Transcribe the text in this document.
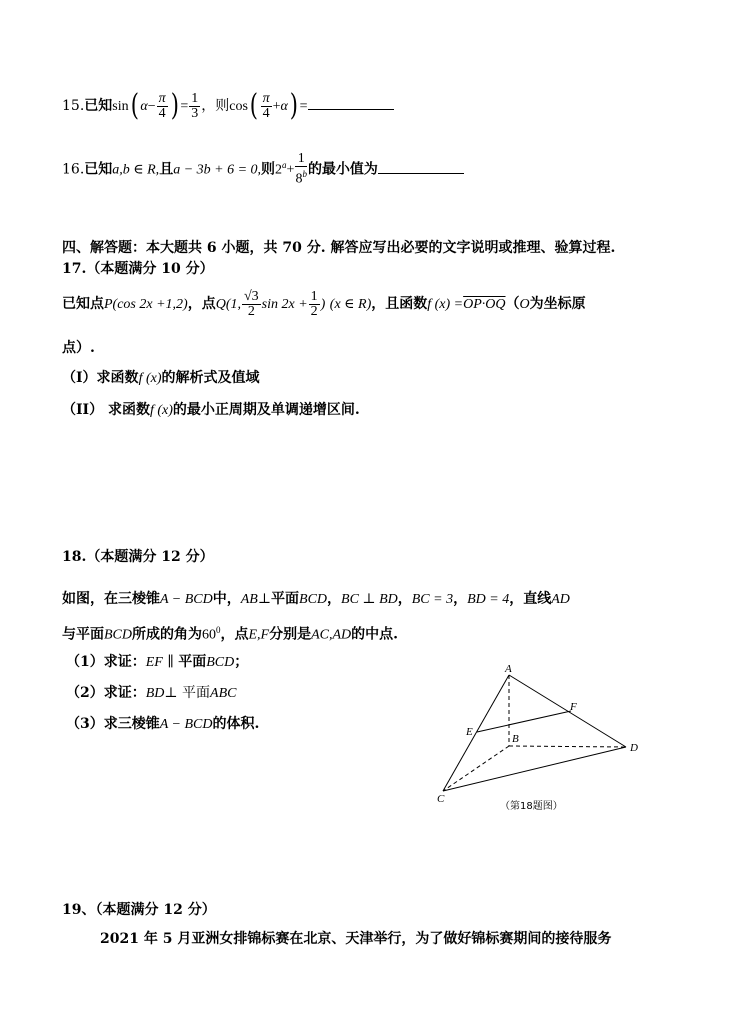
15.已知sin( $\alpha- \frac{\pi}{4}$ ) = $\frac{1}{3}$ ，则$\cos( \frac{\pi}{4} +\alpha)$ =
16.已知a,b ∈ R,且a − 3b + 6 = 0,则$2^a+ \frac{1}{8^b}$ 的最小值为
四、解答题：本大题共 6 小题，共 70 分. 解答应写出必要的文字说明或推理、验算过程.
17.（本题满分 10 分）
已知点P(cos 2x +1,2)，点Q(1, $\frac{√3}{2}$ $\sin 2x + \frac{1}{2}$ ) (x ∈ R)，且函数f (x) =OP·OQ（O为坐标原
点）.
（I）求函数f (x)的解析式及值域
（II） 求函数f (x)的最小正周期及单调递增区间.
18.（本题满分 12 分）
如图，在三棱锥A − BCD中，AB⊥平面BCD，BC ⊥ BD，BC = 3，BD = 4，直线AD
与平面BCD所成的角为$60^0$，点E,F分别是AC,AD的中点.
（1）求证：EF ∥ 平面BCD；
（2）求证：BD⊥ 平面ABC
（3）求三棱锥A − BCD的体积.
A
B
C
D
E
F
（第18题图）
19、（本题满分 12 分）
2021 年 5 月亚洲女排锦标赛在北京、天津举行，为了做好锦标赛期间的接待服务
